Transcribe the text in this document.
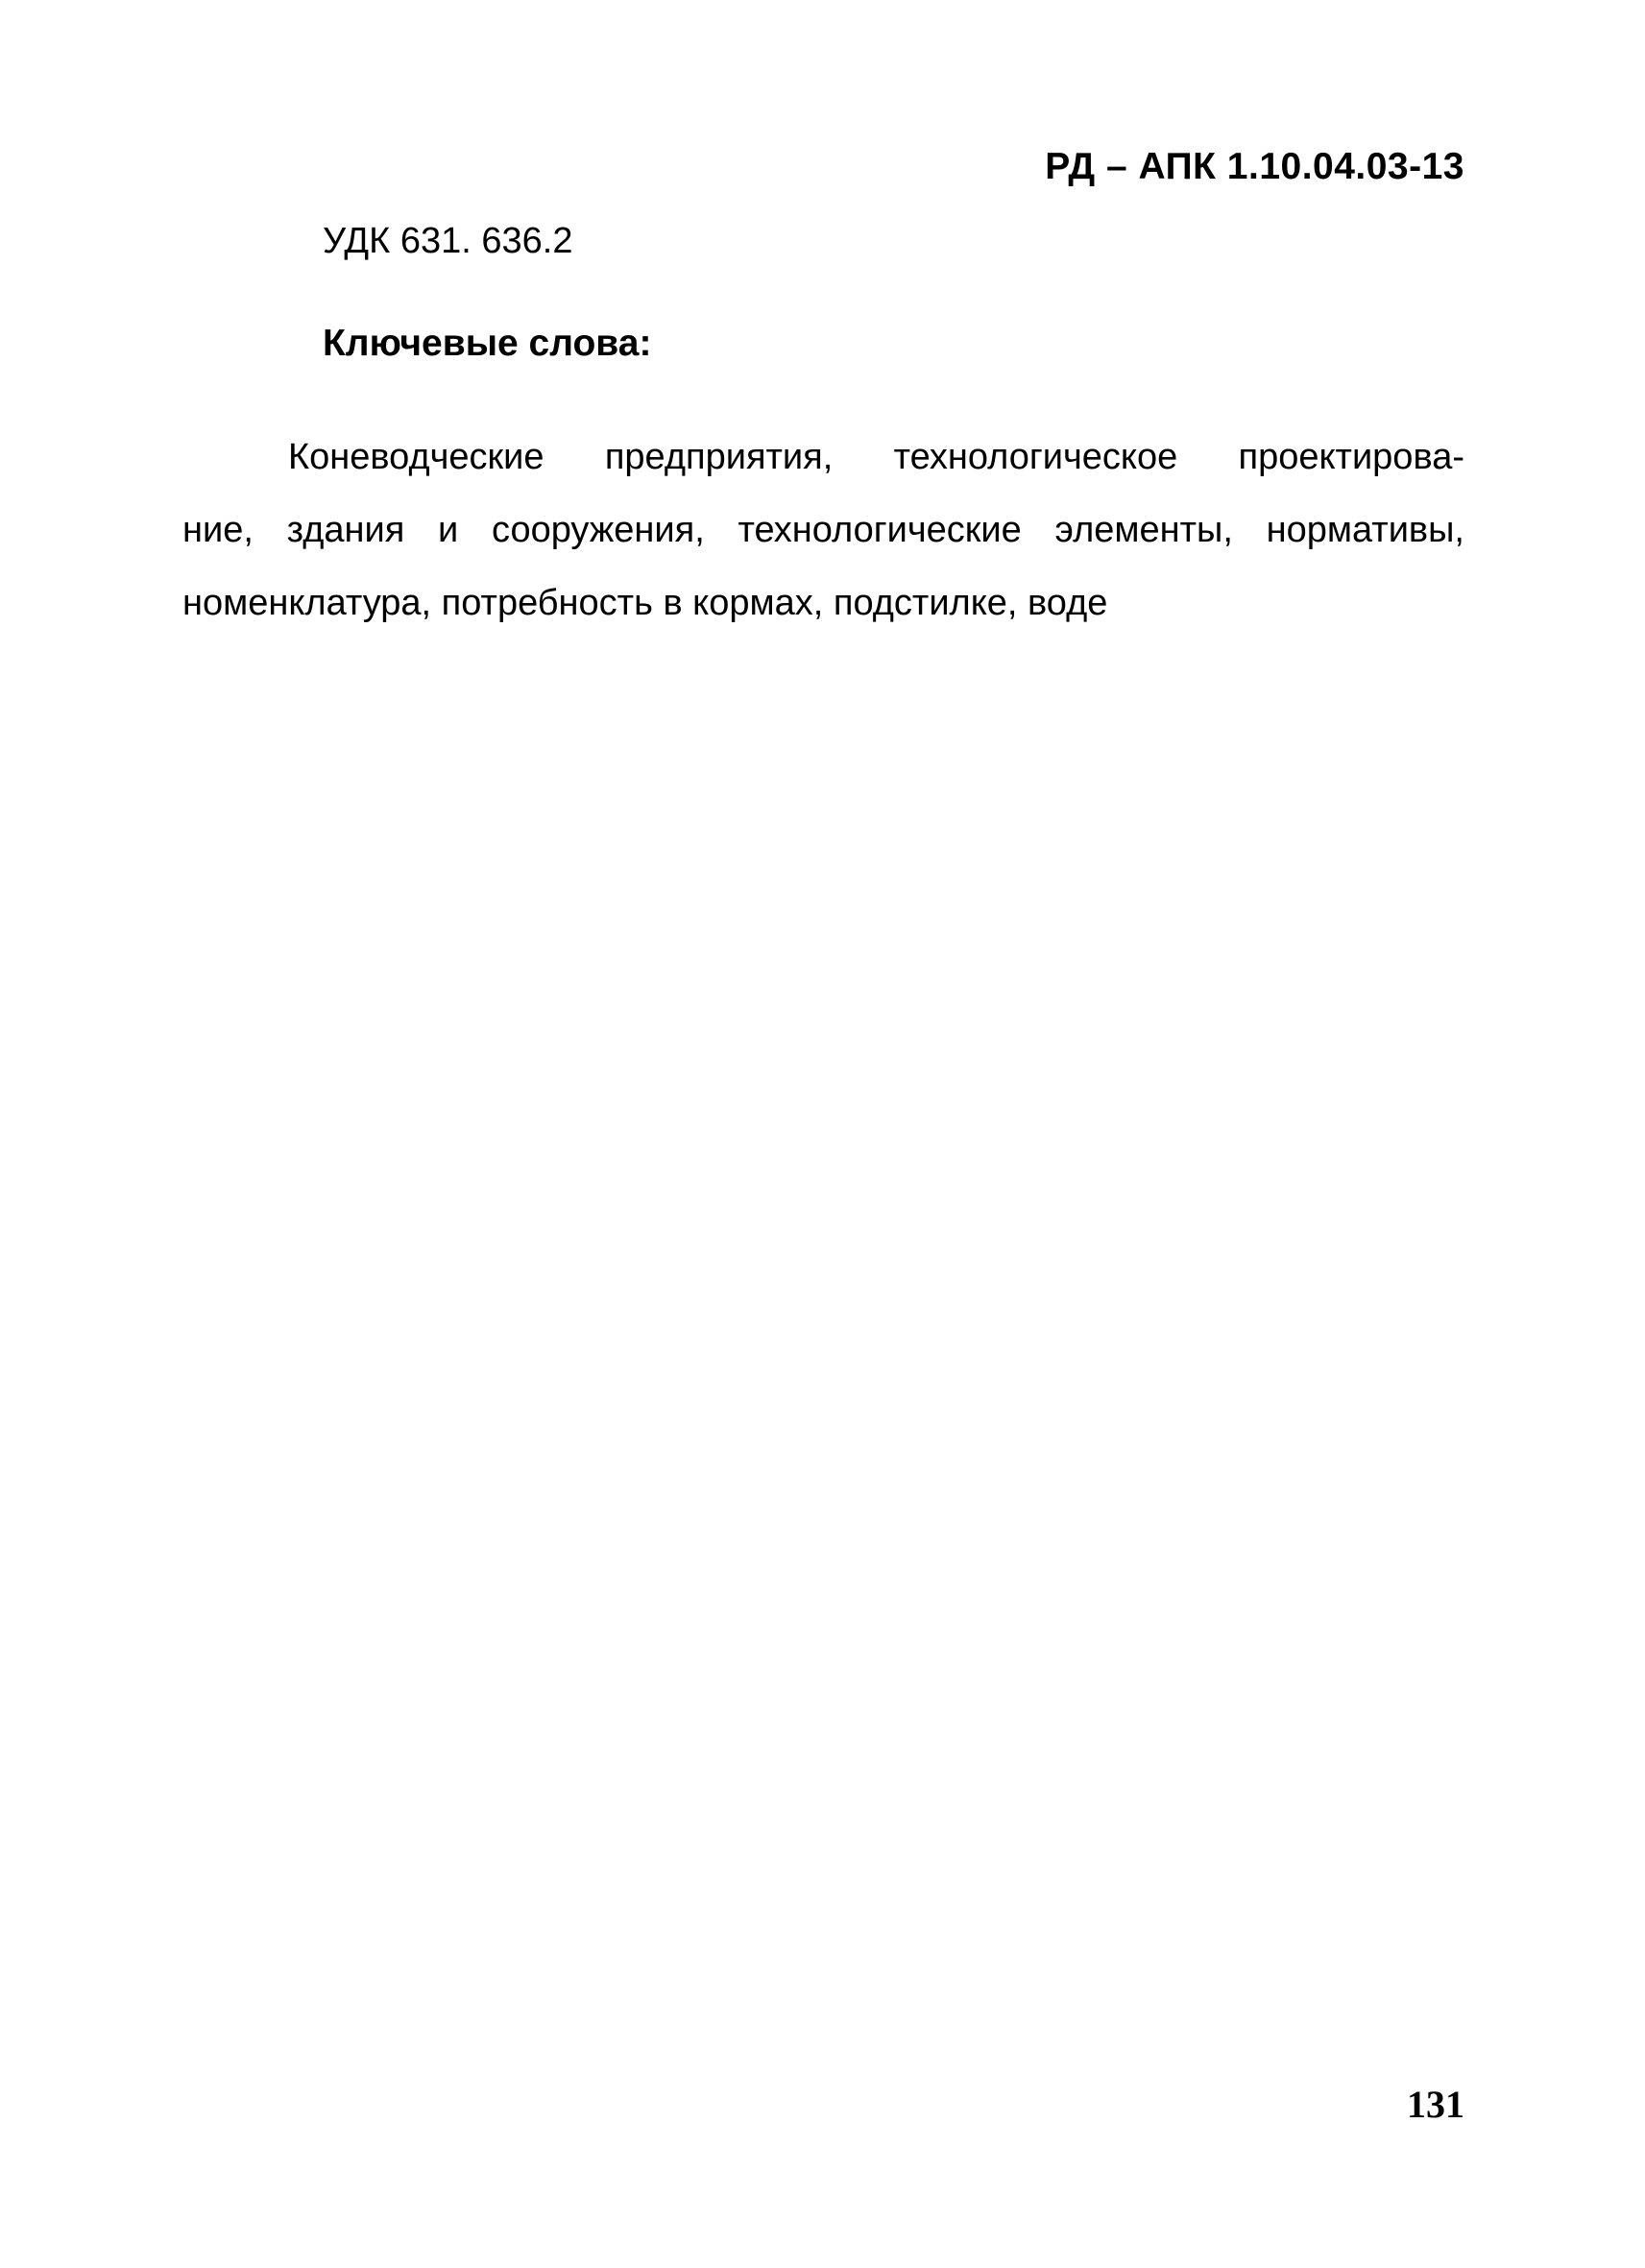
РД – АПК 1.10.04.03-13
УДК 631. 636.2
Ключевые слова:
Коневодческие предприятия, технологическое проектирова-
ние, здания и сооружения, технологические элементы, нормативы,
номенклатура, потребность в кормах, подстилке, воде
131
